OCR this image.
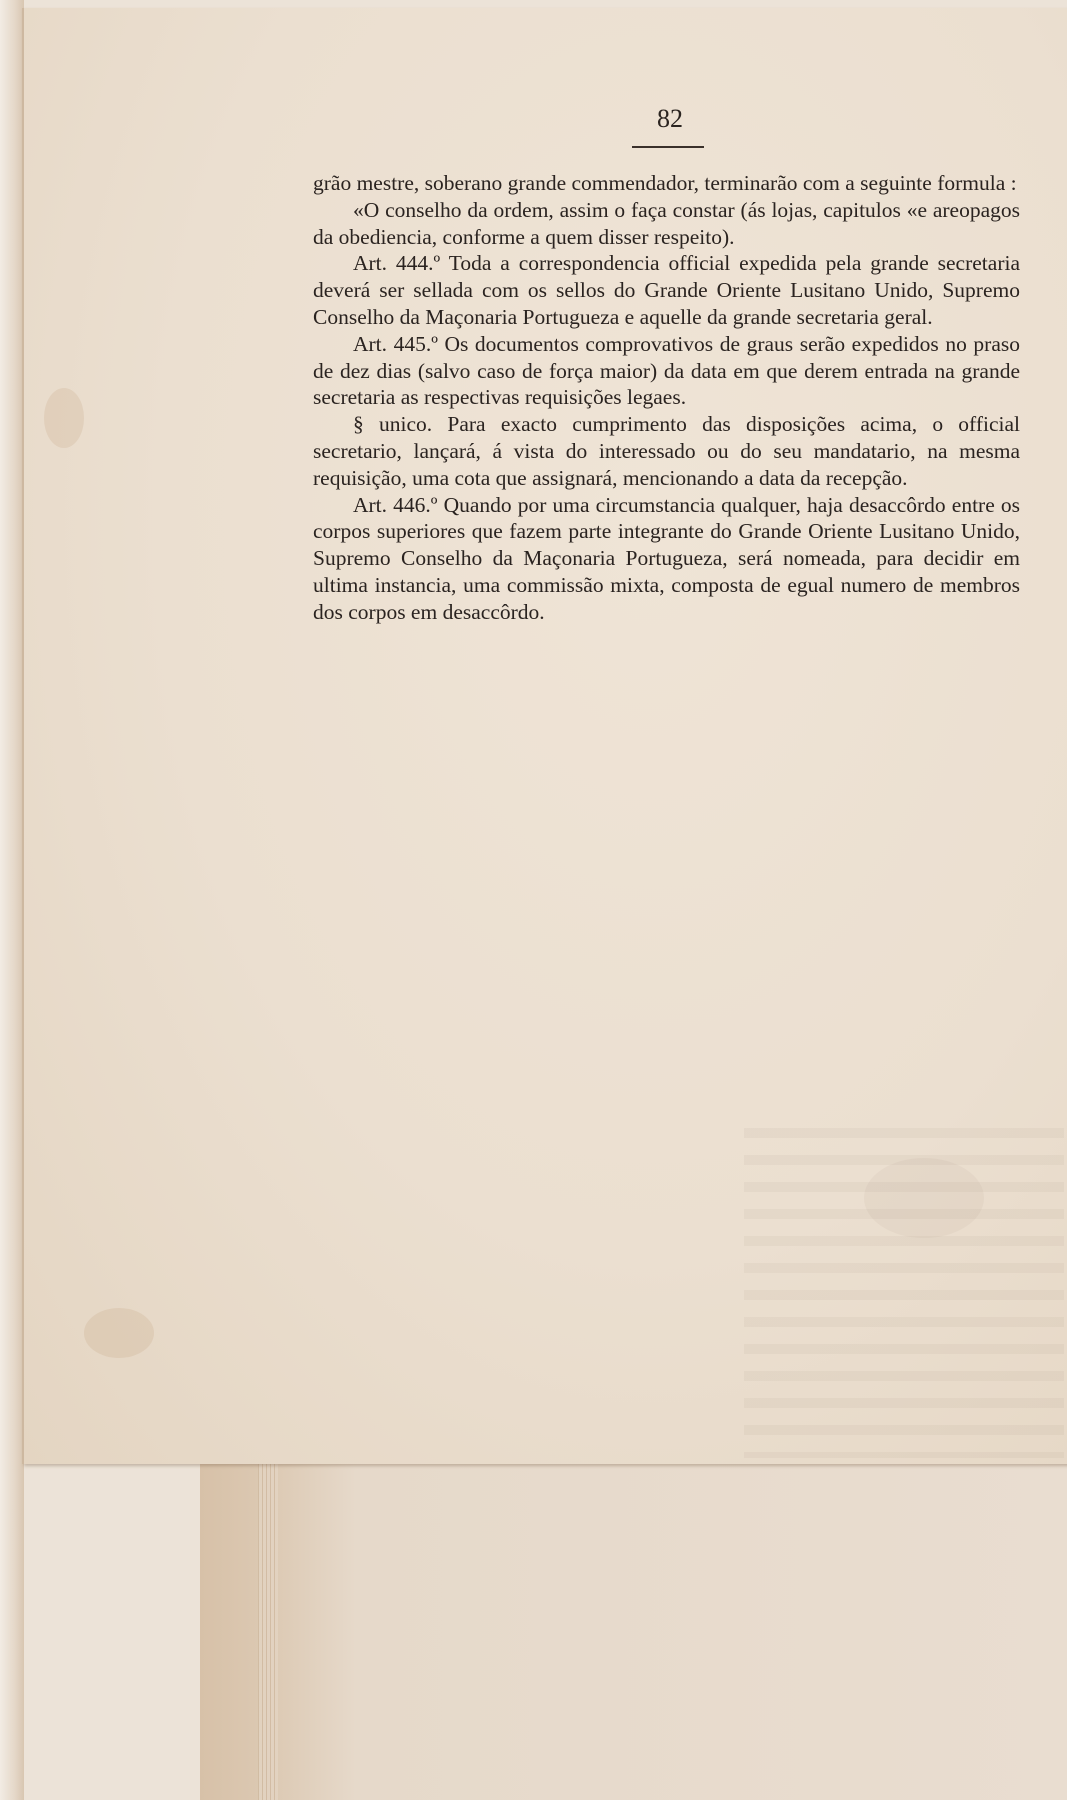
82

grão mestre, soberano grande commendador, terminarão com a seguinte formula :

«O conselho da ordem, assim o faça constar (ás lojas, capitulos «e areopagos da obediencia, conforme a quem disser respeito).

Art. 444.º Toda a correspondencia official expedida pela grande secretaria deverá ser sellada com os sellos do Grande Oriente Lusitano Unido, Supremo Conselho da Maçonaria Portugueza e aquelle da grande secretaria geral.

Art. 445.º Os documentos comprovativos de graus serão expedidos no praso de dez dias (salvo caso de força maior) da data em que derem entrada na grande secretaria as respectivas requisições legaes.

§ unico. Para exacto cumprimento das disposições acima, o official secretario, lançará, á vista do interessado ou do seu mandatario, na mesma requisição, uma cota que assignará, mencionando a data da recepção.

Art. 446.º Quando por uma circumstancia qualquer, haja desaccôrdo entre os corpos superiores que fazem parte integrante do Grande Oriente Lusitano Unido, Supremo Conselho da Maçonaria Portugueza, será nomeada, para decidir em ultima instancia, uma commissão mixta, composta de egual numero de membros dos corpos em desaccôrdo.
